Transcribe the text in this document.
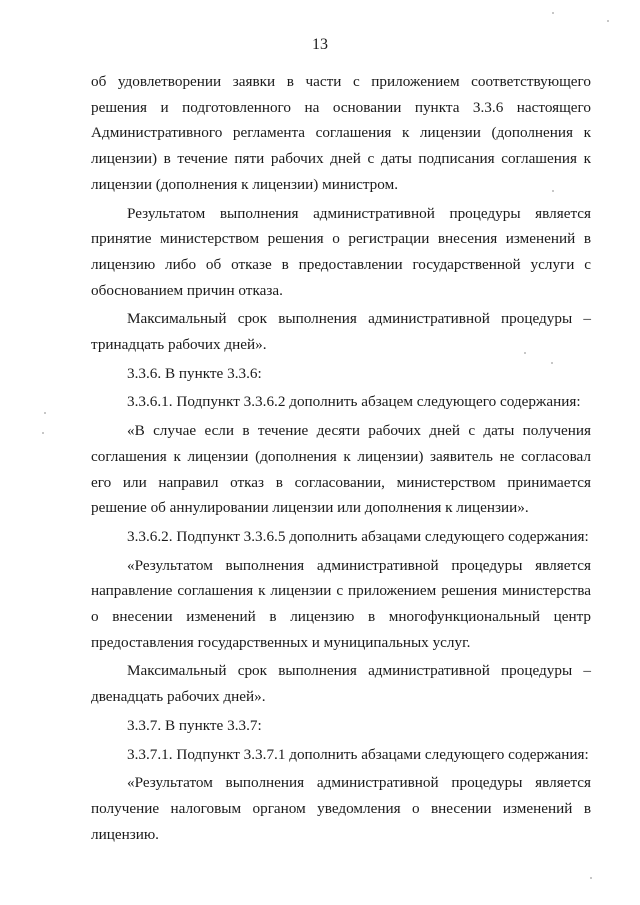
13

об удовлетворении заявки в части с приложением соответствующего решения и подготовленного на основании пункта 3.3.6 настоящего Административного регламента соглашения к лицензии (дополнения к лицензии) в течение пяти рабочих дней с даты подписания соглашения к лицензии (дополнения к лицензии) министром.

Результатом выполнения административной процедуры является принятие министерством решения о регистрации внесения изменений в лицензию либо об отказе в предоставлении государственной услуги с обоснованием причин отказа.

Максимальный срок выполнения административной процедуры – тринадцать рабочих дней».

3.3.6. В пункте 3.3.6:

3.3.6.1. Подпункт 3.3.6.2 дополнить абзацем следующего содержания:

«В случае если в течение десяти рабочих дней с даты получения соглашения к лицензии (дополнения к лицензии) заявитель не согласовал его или направил отказ в согласовании, министерством принимается решение об аннулировании лицензии или дополнения к лицензии».

3.3.6.2. Подпункт 3.3.6.5 дополнить абзацами следующего содержания:

«Результатом выполнения административной процедуры является направление соглашения к лицензии с приложением решения министерства о внесении изменений в лицензию в многофункциональный центр предоставления государственных и муниципальных услуг.

Максимальный срок выполнения административной процедуры – двенадцать рабочих дней».

3.3.7. В пункте 3.3.7:

3.3.7.1. Подпункт 3.3.7.1 дополнить абзацами следующего содержания:

«Результатом выполнения административной процедуры является получение налоговым органом уведомления о внесении изменений в лицензию.
